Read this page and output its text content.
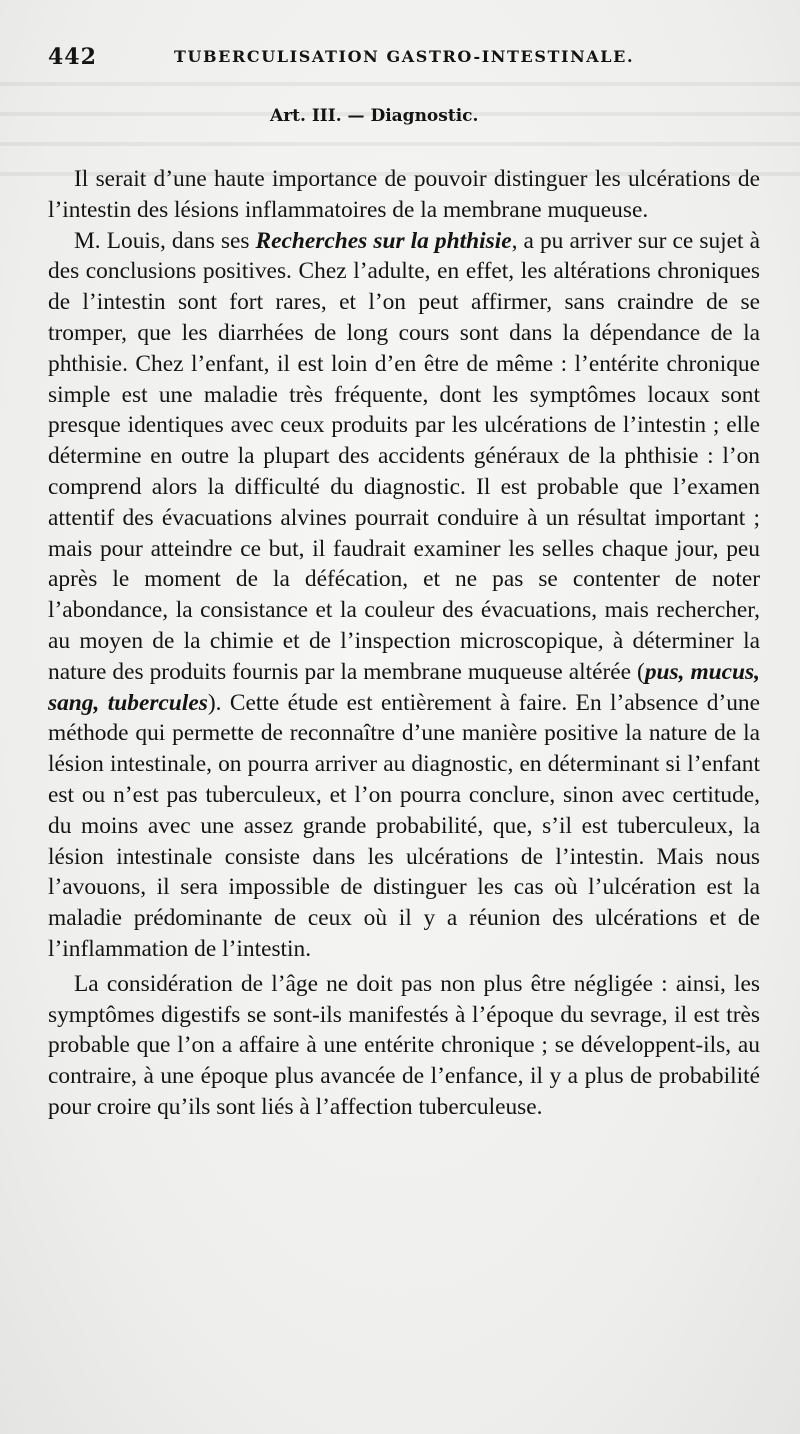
442	TUBERCULISATION GASTRO-INTESTINALE.
Art. III. — Diagnostic.

Il serait d’une haute importance de pouvoir distinguer les ulcérations de l’intestin des lésions inflammatoires de la membrane muqueuse.

M. Louis, dans ses Recherches sur la phthisie, a pu arriver sur ce sujet à des conclusions positives. Chez l’adulte, en effet, les altérations chroniques de l’intestin sont fort rares, et l’on peut affirmer, sans craindre de se tromper, que les diarrhées de long cours sont dans la dépendance de la phthisie. Chez l’enfant, il est loin d’en être de même : l’entérite chronique simple est une maladie très fréquente, dont les symptômes locaux sont presque identiques avec ceux produits par les ulcérations de l’intestin ; elle détermine en outre la plupart des accidents généraux de la phthisie : l’on comprend alors la difficulté du diagnostic. Il est probable que l’examen attentif des évacuations alvines pourrait conduire à un résultat important ; mais pour atteindre ce but, il faudrait examiner les selles chaque jour, peu après le moment de la défécation, et ne pas se contenter de noter l’abondance, la consistance et la couleur des évacuations, mais rechercher, au moyen de la chimie et de l’inspection microscopique, à déterminer la nature des produits fournis par la membrane muqueuse altérée (pus, mucus, sang, tubercules). Cette étude est entièrement à faire. En l’absence d’une méthode qui permette de reconnaître d’une manière positive la nature de la lésion intestinale, on pourra arriver au diagnostic, en déterminant si l’enfant est ou n’est pas tuberculeux, et l’on pourra conclure, sinon avec certitude, du moins avec une assez grande probabilité, que, s’il est tuberculeux, la lésion intestinale consiste dans les ulcérations de l’intestin. Mais nous l’avouons, il sera impossible de distinguer les cas où l’ulcération est la maladie prédominante de ceux où il y a réunion des ulcérations et de l’inflammation de l’intestin.

La considération de l’âge ne doit pas non plus être négligée : ainsi, les symptômes digestifs se sont-ils manifestés à l’époque du sevrage, il est très probable que l’on a affaire à une entérite chronique ; se développent-ils, au contraire, à une époque plus avancée de l’enfance, il y a plus de probabilité pour croire qu’ils sont liés à l’affection tuberculeuse.
